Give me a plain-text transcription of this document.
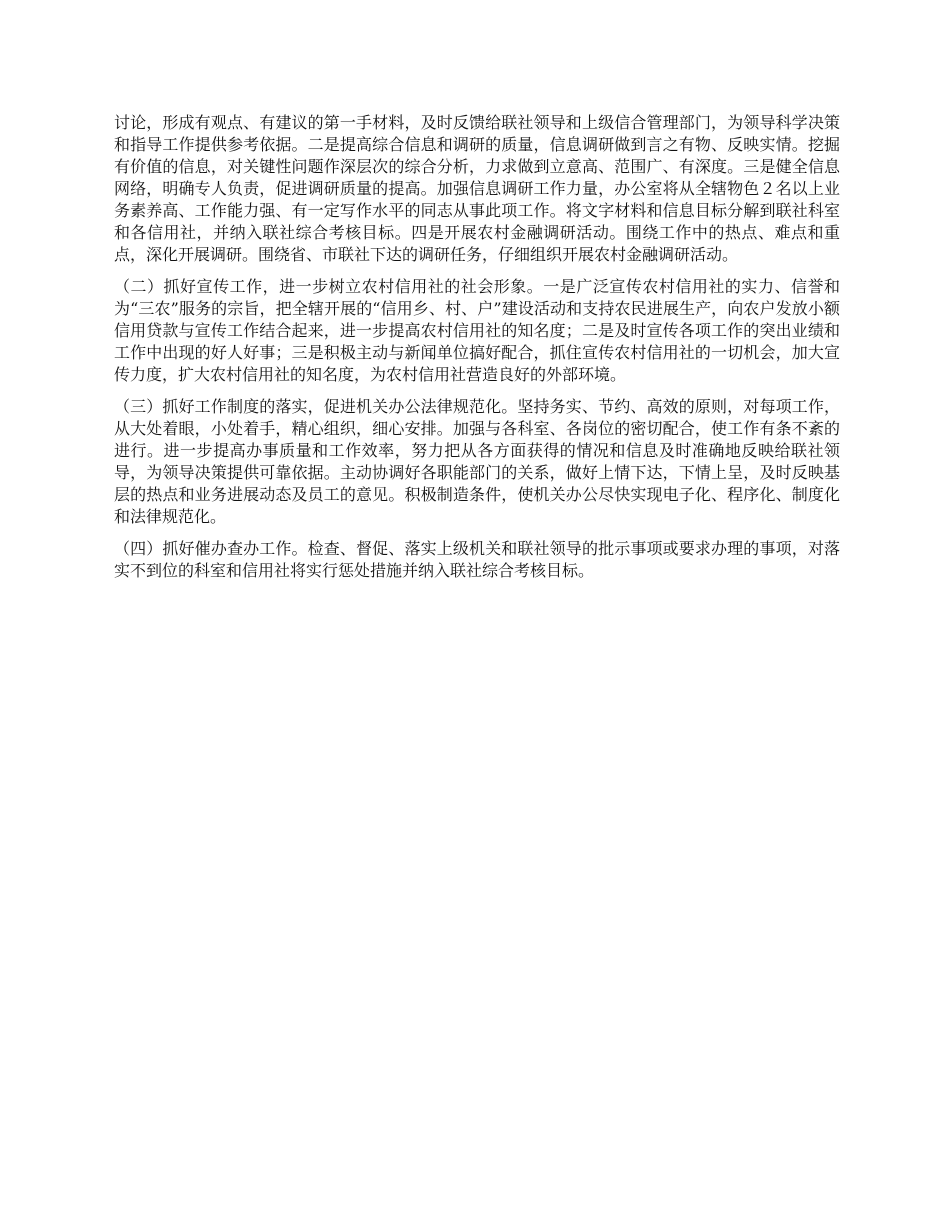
讨论，形成有观点、有建议的第一手材料，及时反馈给联社领导和上级信合管理部门，为领导科学决策和指导工作提供参考依据。二是提高综合信息和调研的质量，信息调研做到言之有物、反映实情。挖掘有价值的信息，对关键性问题作深层次的综合分析，力求做到立意高、范围广、有深度。三是健全信息网络，明确专人负责，促进调研质量的提高。加强信息调研工作力量，办公室将从全辖物色２名以上业务素养高、工作能力强、有一定写作水平的同志从事此项工作。将文字材料和信息目标分解到联社科室和各信用社，并纳入联社综合考核目标。四是开展农村金融调研活动。围绕工作中的热点、难点和重点，深化开展调研。围绕省、市联社下达的调研任务，仔细组织开展农村金融调研活动。

（二）抓好宣传工作，进一步树立农村信用社的社会形象。一是广泛宣传农村信用社的实力、信誉和为“三农”服务的宗旨，把全辖开展的“信用乡、村、户”建设活动和支持农民进展生产，向农户发放小额信用贷款与宣传工作结合起来，进一步提高农村信用社的知名度；二是及时宣传各项工作的突出业绩和工作中出现的好人好事；三是积极主动与新闻单位搞好配合，抓住宣传农村信用社的一切机会，加大宣传力度，扩大农村信用社的知名度，为农村信用社营造良好的外部环境。

（三）抓好工作制度的落实，促进机关办公法律规范化。坚持务实、节约、高效的原则，对每项工作，从大处着眼，小处着手，精心组织，细心安排。加强与各科室、各岗位的密切配合，使工作有条不紊的进行。进一步提高办事质量和工作效率，努力把从各方面获得的情况和信息及时准确地反映给联社领导，为领导决策提供可靠依据。主动协调好各职能部门的关系，做好上情下达，下情上呈，及时反映基层的热点和业务进展动态及员工的意见。积极制造条件，使机关办公尽快实现电子化、程序化、制度化和法律规范化。

（四）抓好催办查办工作。检查、督促、落实上级机关和联社领导的批示事项或要求办理的事项，对落实不到位的科室和信用社将实行惩处措施并纳入联社综合考核目标。
